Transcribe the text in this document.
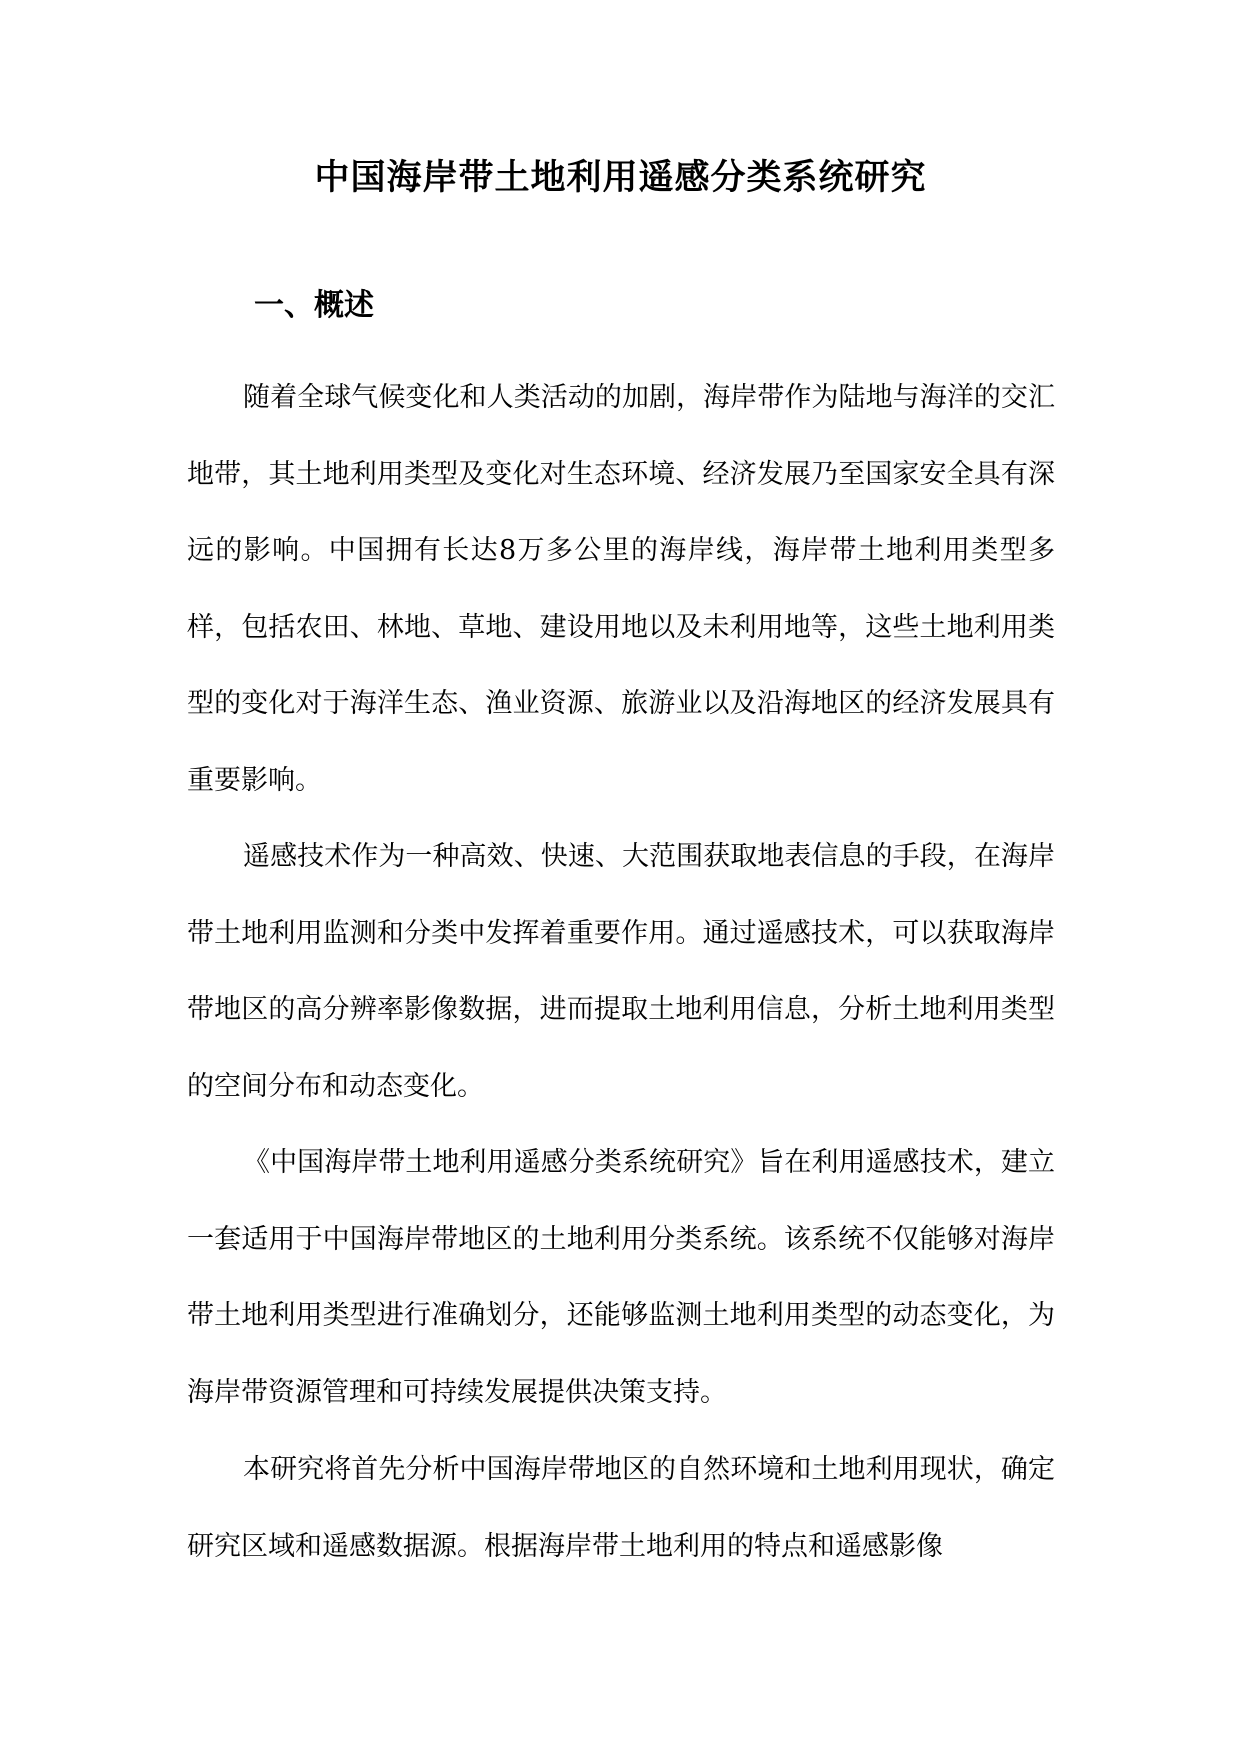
中国海岸带土地利用遥感分类系统研究
一、概述

随着全球气候变化和人类活动的加剧，海岸带作为陆地与海洋的交汇地带，其土地利用类型及变化对生态环境、经济发展乃至国家安全具有深远的影响。中国拥有长达8万多公里的海岸线，海岸带土地利用类型多样，包括农田、林地、草地、建设用地以及未利用地等，这些土地利用类型的变化对于海洋生态、渔业资源、旅游业以及沿海地区的经济发展具有重要影响。

遥感技术作为一种高效、快速、大范围获取地表信息的手段，在海岸带土地利用监测和分类中发挥着重要作用。通过遥感技术，可以获取海岸带地区的高分辨率影像数据，进而提取土地利用信息，分析土地利用类型的空间分布和动态变化。

《中国海岸带土地利用遥感分类系统研究》旨在利用遥感技术，建立一套适用于中国海岸带地区的土地利用分类系统。该系统不仅能够对海岸带土地利用类型进行准确划分，还能够监测土地利用类型的动态变化，为海岸带资源管理和可持续发展提供决策支持。

本研究将首先分析中国海岸带地区的自然环境和土地利用现状，确定研究区域和遥感数据源。根据海岸带土地利用的特点和遥感影像
